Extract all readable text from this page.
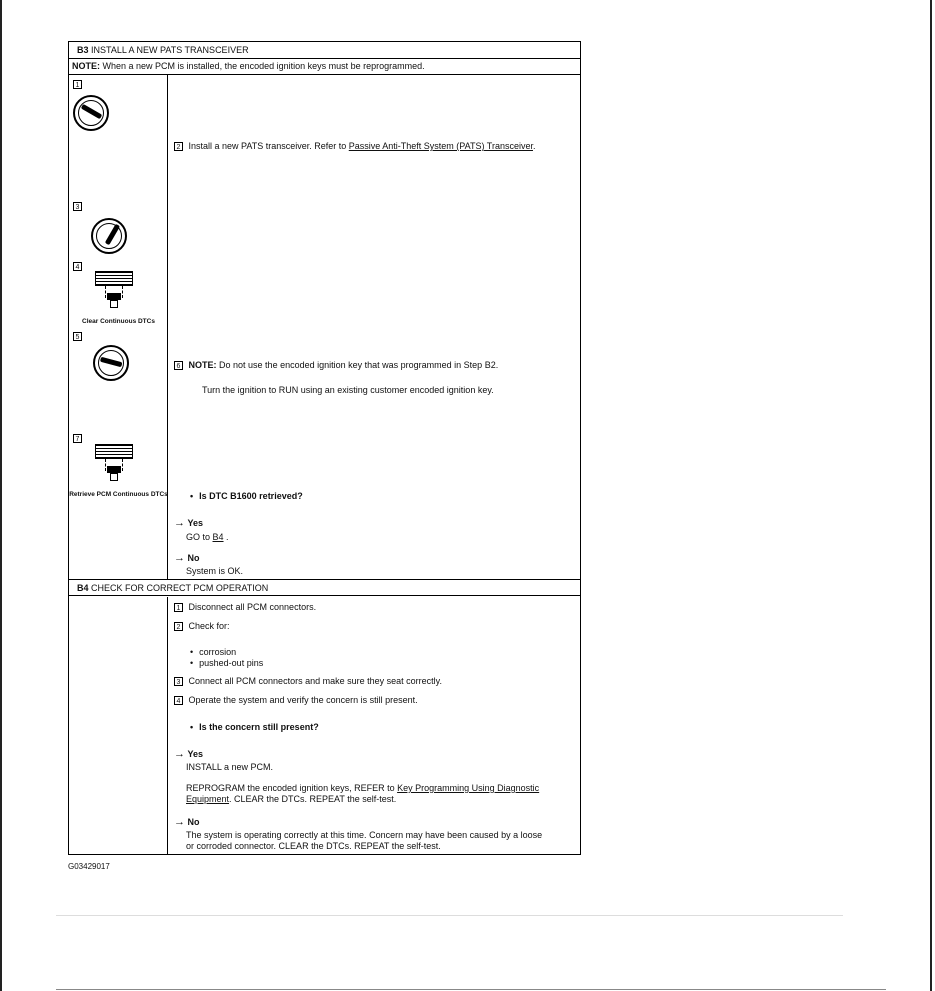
B3 INSTALL A NEW PATS TRANSCEIVER
NOTE: When a new PCM is installed, the encoded ignition keys must be reprogrammed.
1
3
4
Clear Continuous DTCs
5
7
Retrieve PCM Continuous DTCs
2 Install a new PATS transceiver. Refer to Passive Anti-Theft System (PATS) Transceiver.
6 NOTE: Do not use the encoded ignition key that was programmed in Step B2.
Turn the ignition to RUN using an existing customer encoded ignition key.
• Is DTC B1600 retrieved?
→ Yes
GO to B4 .
→ No
System is OK.
B4 CHECK FOR CORRECT PCM OPERATION
1 Disconnect all PCM connectors.
2 Check for:
• corrosion
• pushed-out pins
3 Connect all PCM connectors and make sure they seat correctly.
4 Operate the system and verify the concern is still present.
• Is the concern still present?
→ Yes
INSTALL a new PCM.
REPROGRAM the encoded ignition keys, REFER to Key Programming Using Diagnostic
Equipment. CLEAR the DTCs. REPEAT the self-test.
→ No
The system is operating correctly at this time. Concern may have been caused by a loose
or corroded connector. CLEAR the DTCs. REPEAT the self-test.
G03429017
